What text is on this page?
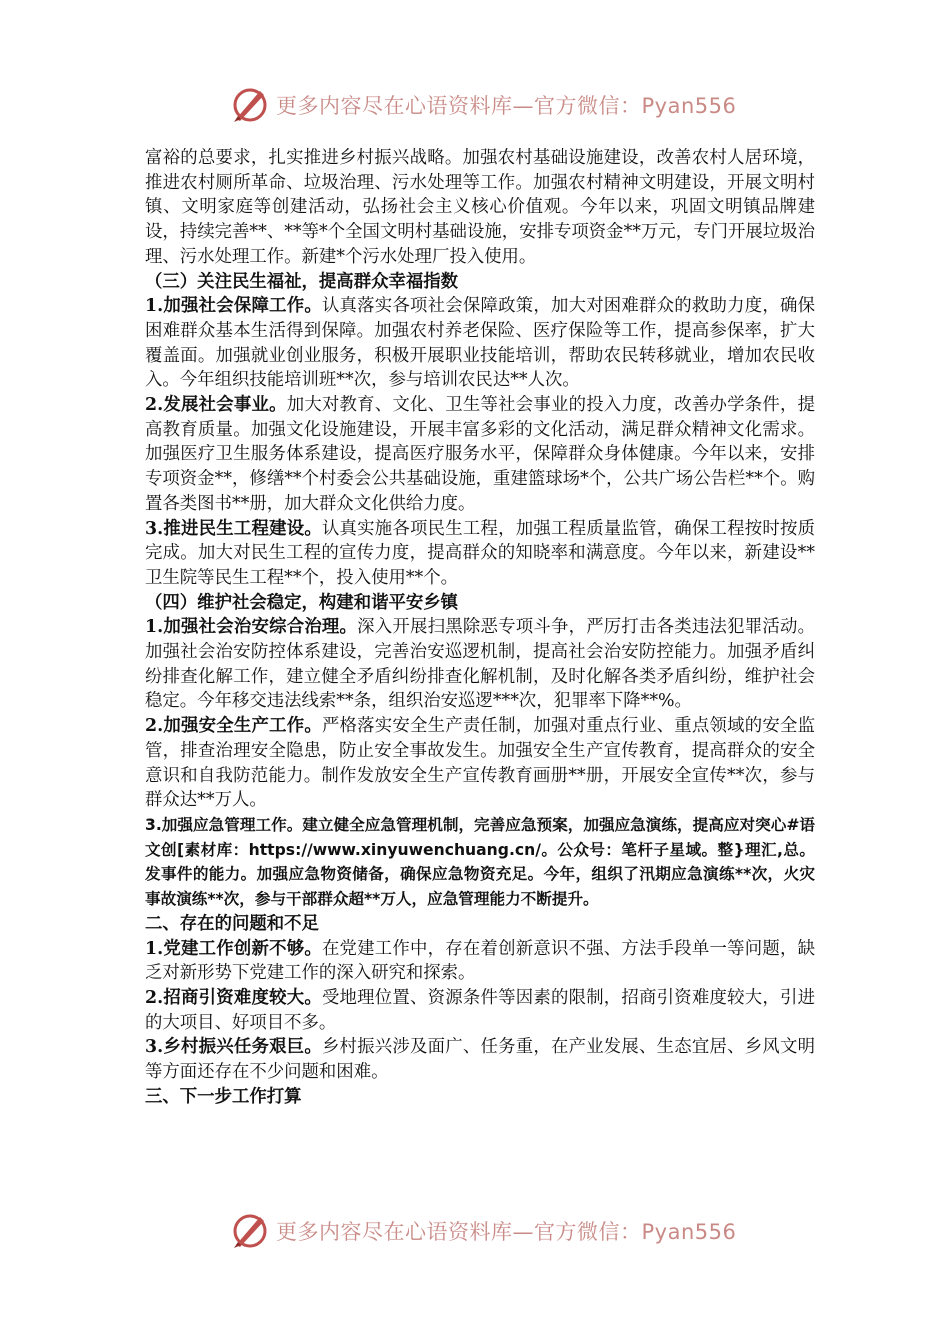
更多内容尽在心语资料库—官方微信：Pyan556

富裕的总要求，扎实推进乡村振兴战略。加强农村基础设施建设，改善农村人居环境，推进农村厕所革命、垃圾治理、污水处理等工作。加强农村精神文明建设，开展文明村镇、文明家庭等创建活动，弘扬社会主义核心价值观。今年以来，巩固文明镇品牌建设，持续完善**、**等*个全国文明村基础设施，安排专项资金**万元，专门开展垃圾治理、污水处理工作。新建*个污水处理厂投入使用。

（三）关注民生福祉，提高群众幸福指数

1.加强社会保障工作。认真落实各项社会保障政策，加大对困难群众的救助力度，确保困难群众基本生活得到保障。加强农村养老保险、医疗保险等工作，提高参保率，扩大覆盖面。加强就业创业服务，积极开展职业技能培训，帮助农民转移就业，增加农民收入。今年组织技能培训班**次，参与培训农民达**人次。

2.发展社会事业。加大对教育、文化、卫生等社会事业的投入力度，改善办学条件，提高教育质量。加强文化设施建设，开展丰富多彩的文化活动，满足群众精神文化需求。加强医疗卫生服务体系建设，提高医疗服务水平，保障群众身体健康。今年以来，安排专项资金**，修缮**个村委会公共基础设施，重建篮球场*个，公共广场公告栏**个。购置各类图书**册，加大群众文化供给力度。

3.推进民生工程建设。认真实施各项民生工程，加强工程质量监管，确保工程按时按质完成。加大对民生工程的宣传力度，提高群众的知晓率和满意度。今年以来，新建设**卫生院等民生工程**个，投入使用**个。

（四）维护社会稳定，构建和谐平安乡镇

1.加强社会治安综合治理。深入开展扫黑除恶专项斗争，严厉打击各类违法犯罪活动。加强社会治安防控体系建设，完善治安巡逻机制，提高社会治安防控能力。加强矛盾纠纷排查化解工作，建立健全矛盾纠纷排查化解机制，及时化解各类矛盾纠纷，维护社会稳定。今年移交违法线索**条，组织治安巡逻***次，犯罪率下降**%。

2.加强安全生产工作。严格落实安全生产责任制，加强对重点行业、重点领域的安全监管，排查治理安全隐患，防止安全事故发生。加强安全生产宣传教育，提高群众的安全意识和自我防范能力。制作发放安全生产宣传教育画册**册，开展安全宣传**次，参与群众达**万人。

3.加强应急管理工作。建立健全应急管理机制，完善应急预案，加强应急演练，提高应对突心#语文创[素材库：https://www.xinyuwenchuang.cn/。公众号：笔杆子星域。整}理汇,总。发事件的能力。加强应急物资储备，确保应急物资充足。今年，组织了汛期应急演练**次，火灾事故演练**次，参与干部群众超**万人，应急管理能力不断提升。

二、存在的问题和不足

1.党建工作创新不够。在党建工作中，存在着创新意识不强、方法手段单一等问题，缺乏对新形势下党建工作的深入研究和探索。

2.招商引资难度较大。受地理位置、资源条件等因素的限制，招商引资难度较大，引进的大项目、好项目不多。

3.乡村振兴任务艰巨。乡村振兴涉及面广、任务重，在产业发展、生态宜居、乡风文明等方面还存在不少问题和困难。

三、下一步工作打算

更多内容尽在心语资料库—官方微信：Pyan556
